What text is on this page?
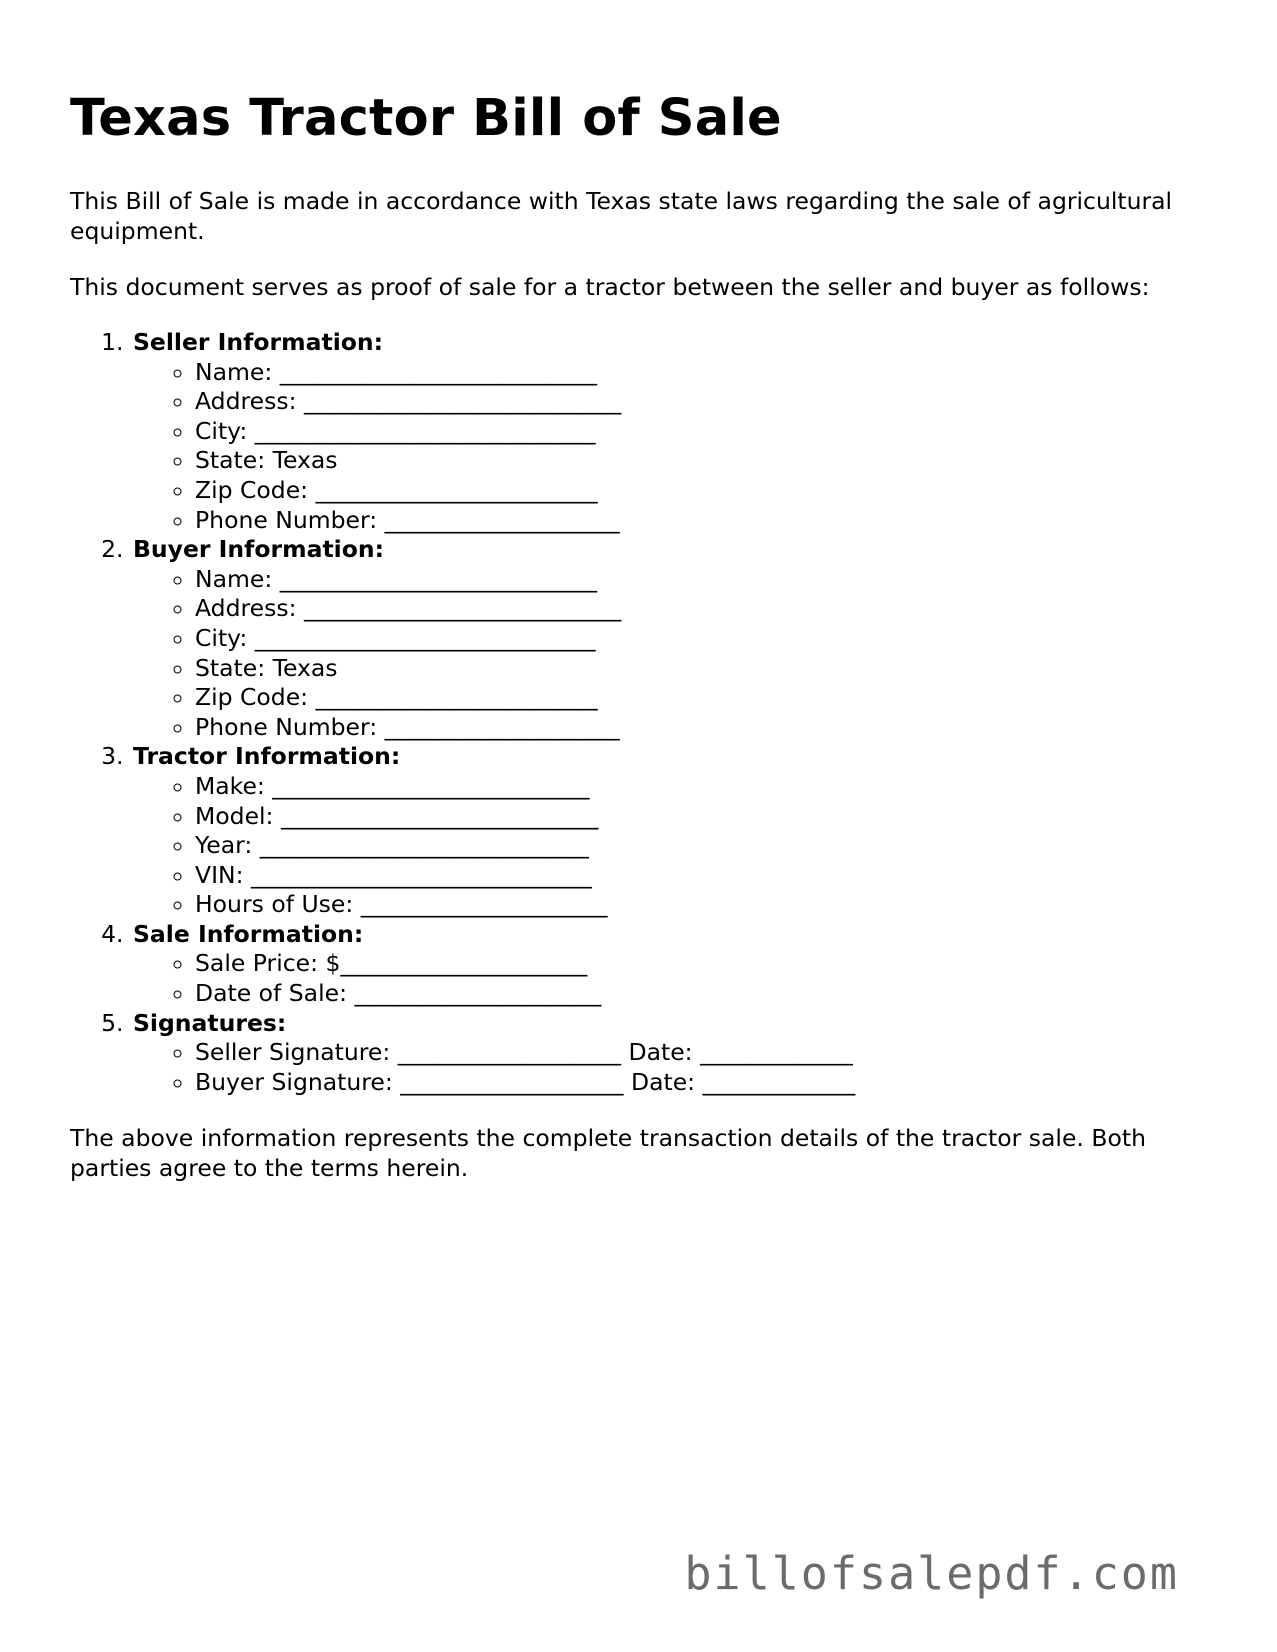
Texas Tractor Bill of Sale

This Bill of Sale is made in accordance with Texas state laws regarding the sale of agricultural equipment.

This document serves as proof of sale for a tractor between the seller and buyer as follows:

1. Seller Information:
◦ Name: ___________________________
◦ Address: ___________________________
◦ City: _____________________________
◦ State: Texas
◦ Zip Code: ________________________
◦ Phone Number: ____________________
2. Buyer Information:
◦ Name: ___________________________
◦ Address: ___________________________
◦ City: _____________________________
◦ State: Texas
◦ Zip Code: ________________________
◦ Phone Number: ____________________
3. Tractor Information:
◦ Make: ___________________________
◦ Model: ___________________________
◦ Year: ____________________________
◦ VIN: _____________________________
◦ Hours of Use: _____________________
4. Sale Information:
◦ Sale Price: $_____________________
◦ Date of Sale: _____________________
5. Signatures:
◦ Seller Signature: ___________________ Date: _____________
◦ Buyer Signature: ___________________ Date: _____________

The above information represents the complete transaction details of the tractor sale. Both parties agree to the terms herein.

billofsalepdf.com
